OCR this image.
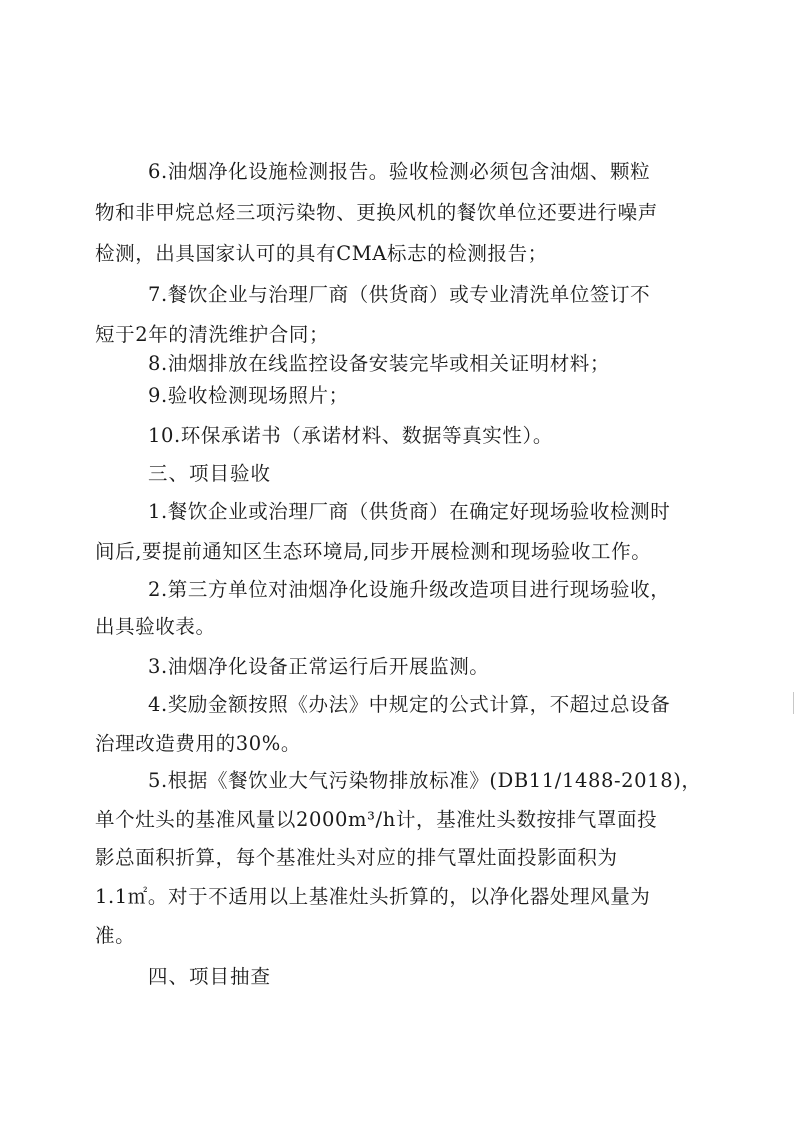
6.油烟净化设施检测报告。验收检测必须包含油烟、颗粒
物和非甲烷总烃三项污染物、更换风机的餐饮单位还要进行噪声
检测，出具国家认可的具有CMA标志的检测报告；
7.餐饮企业与治理厂商（供货商）或专业清洗单位签订不
短于2年的清洗维护合同；
8.油烟排放在线监控设备安装完毕或相关证明材料；
9.验收检测现场照片；
10.环保承诺书（承诺材料、数据等真实性）。
三、项目验收
1.餐饮企业或治理厂商（供货商）在确定好现场验收检测时
间后,要提前通知区生态环境局,同步开展检测和现场验收工作。
2.第三方单位对油烟净化设施升级改造项目进行现场验收，
出具验收表。
3.油烟净化设备正常运行后开展监测。
4.奖励金额按照《办法》中规定的公式计算，不超过总设备
治理改造费用的30%。
5.根据《餐饮业大气污染物排放标准》(DB11/1488-2018)，
单个灶头的基准风量以2000m³/h计，基准灶头数按排气罩面投
影总面积折算，每个基准灶头对应的排气罩灶面投影面积为
1.1㎡。对于不适用以上基准灶头折算的，以净化器处理风量为
准。
四、项目抽查
